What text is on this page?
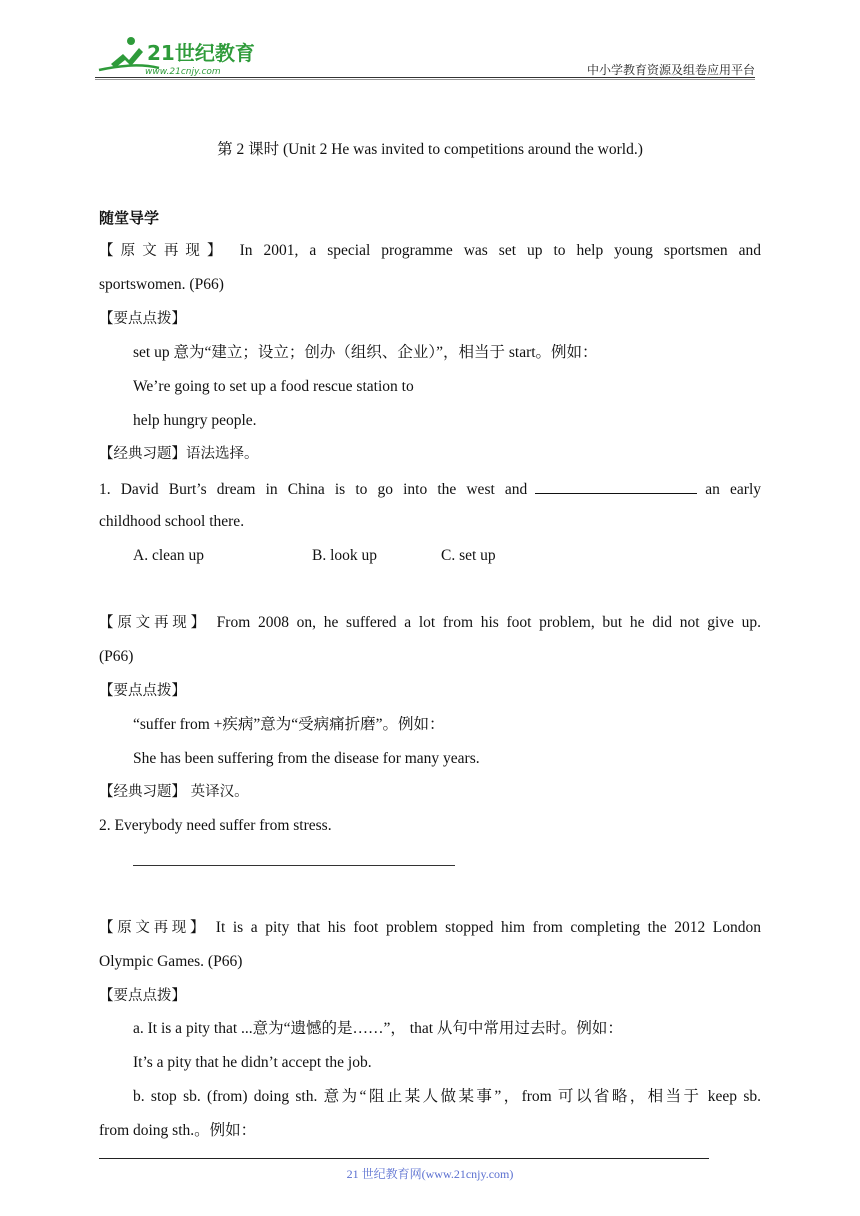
21世纪教育
www.21cnjy.com	中小学教育资源及组卷应用平台
第 2 课时 (Unit 2 He was invited to competitions around the world.)
随堂导学
【原文再现】 In 2001, a special programme was set up to help young sportsmen and
sportswomen. (P66)
【要点点拨】
set up 意为“建立；设立；创办（组织、企业）”，相当于 start。例如：
We’re going to set up a food rescue station to
help hungry people.
【经典习题】语法选择。
1. David Burt’s dream in China is to go into the west and	an early
childhood school there.
A. clean up	B. look up	C. set up
【原文再现】 From 2008 on, he suffered a lot from his foot problem, but he did not give up.
(P66)
【要点点拨】
“suffer from +疾病”意为“受病痛折磨”。例如：
She has been suffering from the disease for many years.
【经典习题】 英译汉。
2. Everybody need suffer from stress.
【原文再现】 It is a pity that his foot problem stopped him from completing the 2012 London
Olympic Games. (P66)
【要点点拨】
a. It is a pity that ...意为“遗憾的是……”， that 从句中常用过去时。例如：
It’s a pity that he didn’t accept the job.
b. stop sb. (from) doing sth. 意为“阻止某人做某事”，from 可以省略，相当于 keep sb.
from doing sth.。例如：
21 世纪教育网(www.21cnjy.com)
